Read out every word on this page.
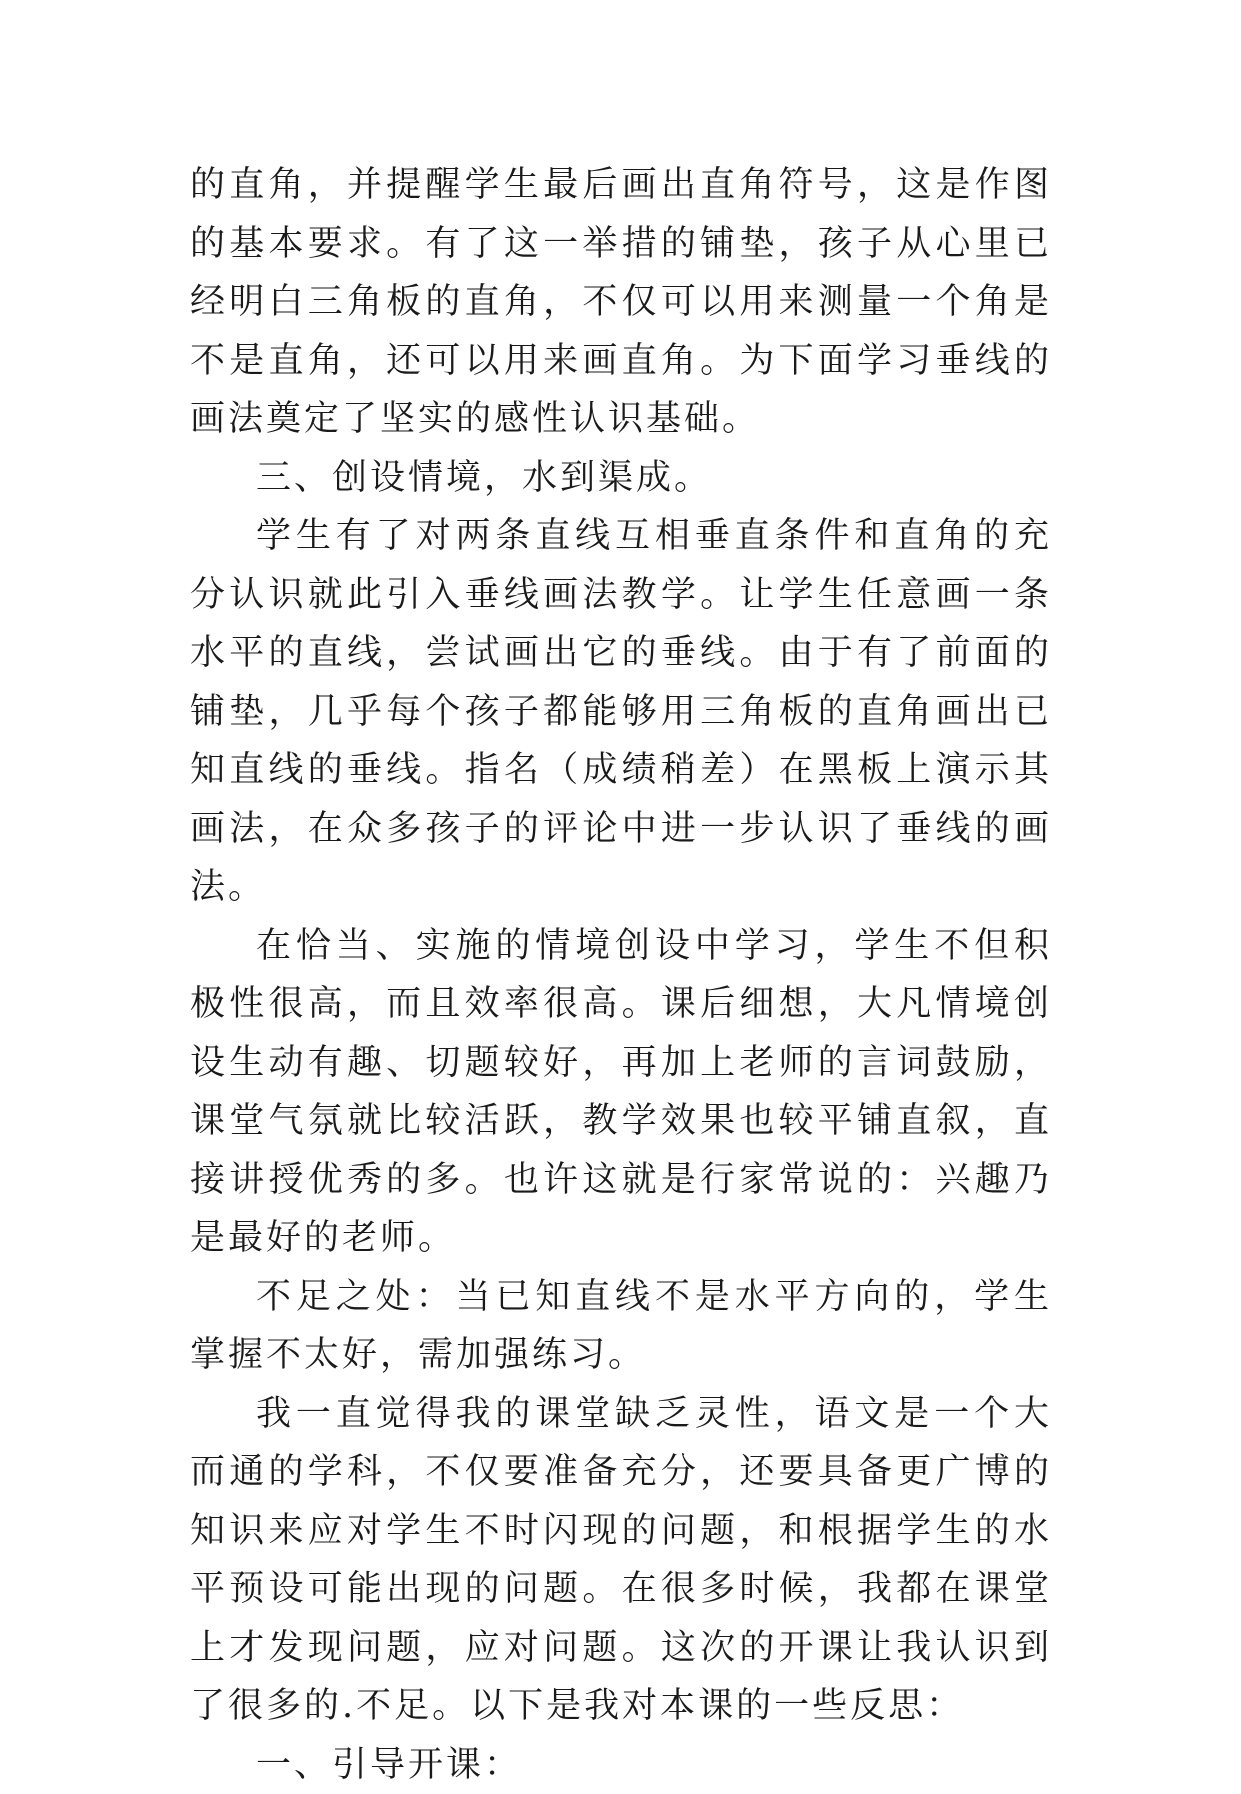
的直角，并提醒学生最后画出直角符号，这是作图的基本要求。有了这一举措的铺垫，孩子从心里已经明白三角板的直角，不仅可以用来测量一个角是不是直角，还可以用来画直角。为下面学习垂线的画法奠定了坚实的感性认识基础。

三、创设情境，水到渠成。

学生有了对两条直线互相垂直条件和直角的充分认识就此引入垂线画法教学。让学生任意画一条水平的直线，尝试画出它的垂线。由于有了前面的铺垫，几乎每个孩子都能够用三角板的直角画出已知直线的垂线。指名（成绩稍差）在黑板上演示其画法，在众多孩子的评论中进一步认识了垂线的画法。

在恰当、实施的情境创设中学习，学生不但积极性很高，而且效率很高。课后细想，大凡情境创设生动有趣、切题较好，再加上老师的言词鼓励，课堂气氛就比较活跃，教学效果也较平铺直叙，直接讲授优秀的多。也许这就是行家常说的：兴趣乃是最好的老师。

不足之处：当已知直线不是水平方向的，学生掌握不太好，需加强练习。

我一直觉得我的课堂缺乏灵性，语文是一个大而通的学科，不仅要准备充分，还要具备更广博的知识来应对学生不时闪现的问题，和根据学生的水平预设可能出现的问题。在很多时候，我都在课堂上才发现问题，应对问题。这次的开课让我认识到了很多的.不足。以下是我对本课的一些反思：

一、引导开课：
